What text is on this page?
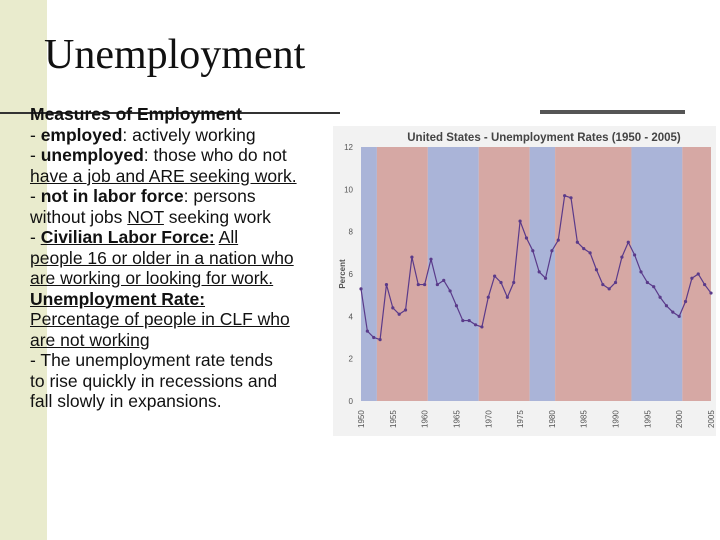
Unemployment
Measures of Employment
- employed: actively working
- unemployed: those who do not
have a job and ARE seeking work.
- not in labor force: persons
without jobs NOT seeking work
- Civilian Labor Force: All
people 16 or older in a nation who
are working or looking for work.
Unemployment Rate:
Percentage of people in CLF who
are not working
- The unemployment rate tends
to rise quickly in recessions and
fall slowly in expansions.
United States - Unemployment Rates (1950 - 2005)
0
2
4
6
8
10
12
Percent
1950	1955	1960	1965	1970	1975	1980	1985	1990	1995	2000	2005
